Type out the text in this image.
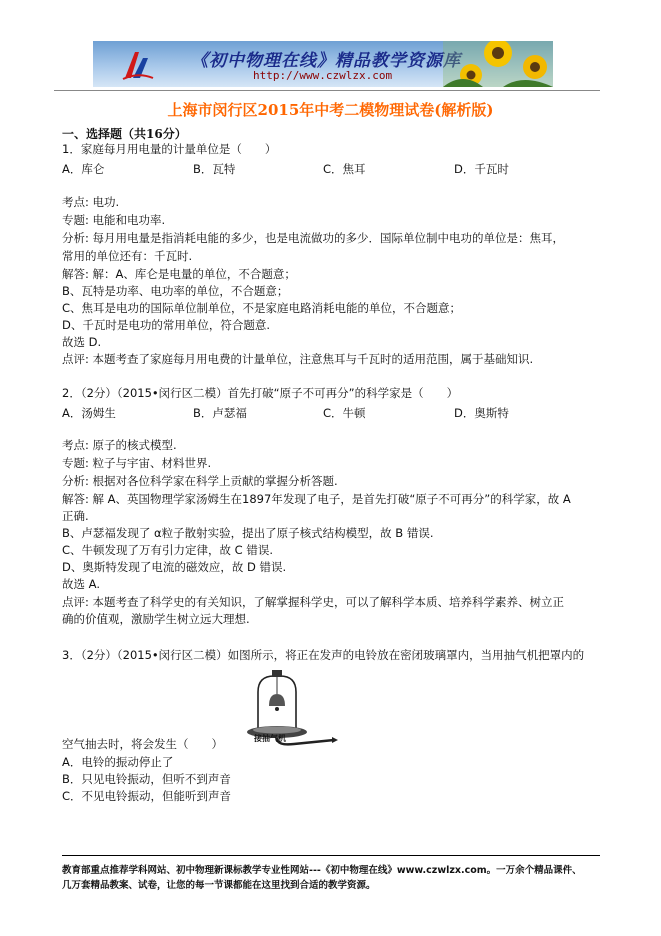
《初中物理在线》精品教学资源库
http://www.czwlzx.com
上海市闵行区2015年中考二模物理试卷(解析版)
一、选择题（共16分）
1．家庭每月用电量的计量单位是（　　）
A．库仑	B．瓦特	C．焦耳	D．千瓦时
考点: 电功.
专题: 电能和电功率.
分析: 每月用电量是指消耗电能的多少，也是电流做功的多少．国际单位制中电功的单位是：焦耳，
常用的单位还有：千瓦时.
解答: 解：A、库仑是电量的单位，不合题意；
B、瓦特是功率、电功率的单位，不合题意；
C、焦耳是电功的国际单位制单位，不是家庭电路消耗电能的单位，不合题意；
D、千瓦时是电功的常用单位，符合题意.
故选 D.
点评: 本题考查了家庭每月用电费的计量单位，注意焦耳与千瓦时的适用范围，属于基础知识.
2．（2分）（2015•闵行区二模）首先打破“原子不可再分”的科学家是（　　）
A．汤姆生	B．卢瑟福	C．牛顿	D．奥斯特
考点: 原子的核式模型.
专题: 粒子与宇宙、材料世界.
分析: 根据对各位科学家在科学上贡献的掌握分析答题.
解答: 解 A、英国物理学家汤姆生在1897年发现了电子，是首先打破“原子不可再分”的科学家，故 A
正确.
B、卢瑟福发现了 α粒子散射实验，提出了原子核式结构模型，故 B 错误.
C、牛顿发现了万有引力定律，故 C 错误.
D、奥斯特发现了电流的磁效应，故 D 错误.
故选 A.
点评: 本题考查了科学史的有关知识，了解掌握科学史，可以了解科学本质、培养科学素养、树立正
确的价值观，激励学生树立远大理想.
3．（2分）（2015•闵行区二模）如图所示，将正在发声的电铃放在密闭玻璃罩内，当用抽气机把罩内的
接抽气机
空气抽去时，将会发生（　　）
A．电铃的振动停止了
B．只见电铃振动，但听不到声音
C．不见电铃振动，但能听到声音
教育部重点推荐学科网站、初中物理新课标教学专业性网站---《初中物理在线》www.czwlzx.com。一万余个精品课件、
几万套精品教案、试卷，让您的每一节课都能在这里找到合适的教学资源。
